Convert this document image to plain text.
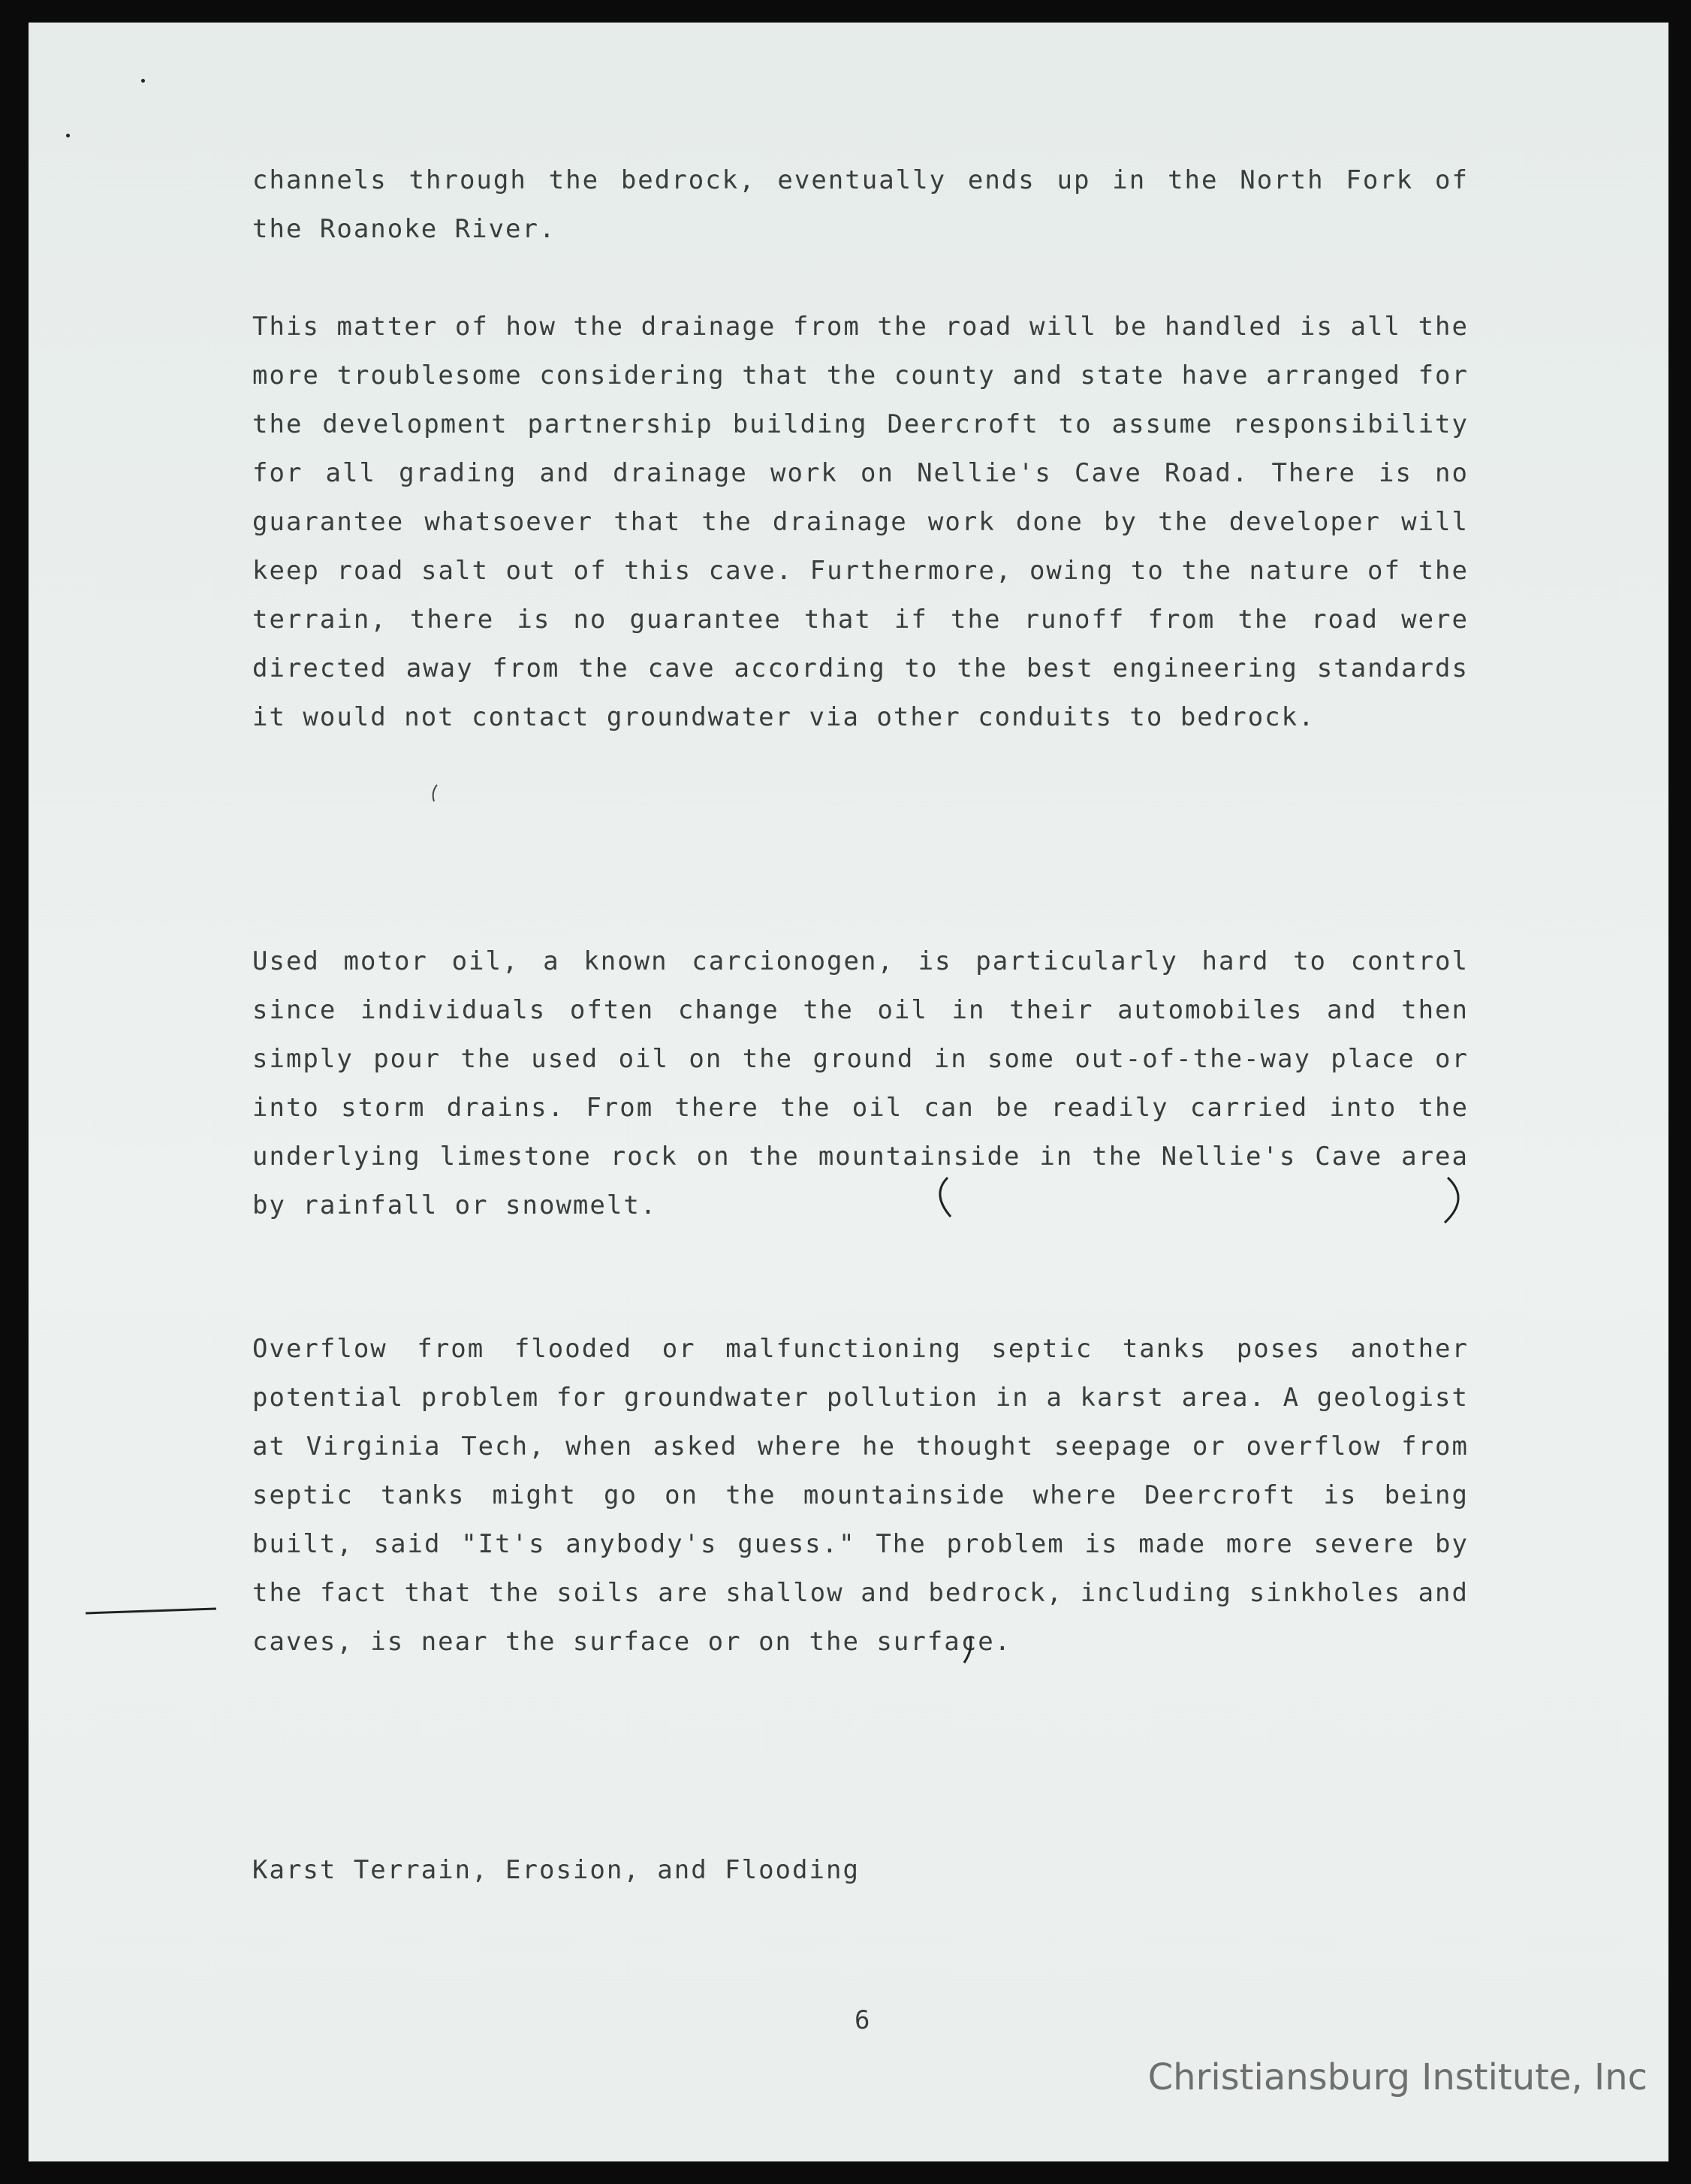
channels through the bedrock, eventually ends up in the North Fork of the Roanoke River.

This matter of how the drainage from the road will be handled is all the more troublesome considering that the county and state have arranged for the development partnership building Deercroft to assume responsibility for all grading and drainage work on Nellie's Cave Road. There is no guarantee whatsoever that the drainage work done by the developer will keep road salt out of this cave. Furthermore, owing to the nature of the terrain, there is no guarantee that if the runoff from the road were directed away from the cave according to the best engineering standards it would not contact groundwater via other conduits to bedrock.

Used motor oil, a known carcionogen, is particularly hard to control since individuals often change the oil in their automobiles and then simply pour the used oil on the ground in some out-of-the-way place or into storm drains. From there the oil can be readily carried into the underlying limestone rock on the mountainside in the Nellie's Cave area by rainfall or snowmelt.

Overflow from flooded or malfunctioning septic tanks poses another potential problem for groundwater pollution in a karst area. A geologist at Virginia Tech, when asked where he thought seepage or overflow from septic tanks might go on the mountainside where Deercroft is being built, said "It's anybody's guess." The problem is made more severe by the fact that the soils are shallow and bedrock, including sinkholes and caves, is near the surface or on the surface.

Karst Terrain, Erosion, and Flooding

6
Christiansburg Institute, Inc
